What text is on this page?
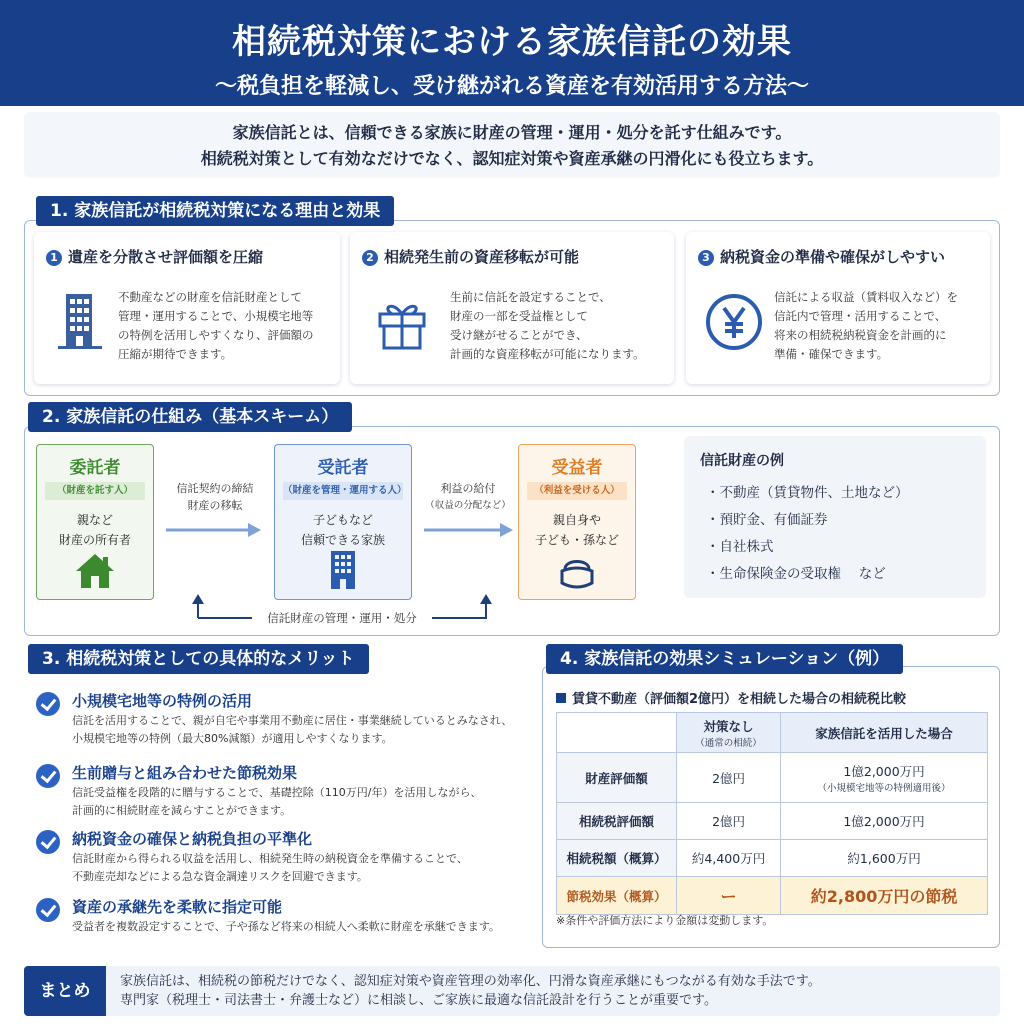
相続税対策における家族信託の効果
〜税負担を軽減し、受け継がれる資産を有効活用する方法〜
家族信託とは、信頼できる家族に財産の管理・運用・処分を託す仕組みです。
相続税対策として有効なだけでなく、認知症対策や資産承継の円滑化にも役立ちます。
1. 家族信託が相続税対策になる理由と効果
1 遺産を分散させ評価額を圧縮
不動産などの財産を信託財産として
管理・運用することで、小規模宅地等
の特例を活用しやすくなり、評価額の
圧縮が期待できます。
2 相続発生前の資産移転が可能
生前に信託を設定することで、
財産の一部を受益権として
受け継がせることができ、
計画的な資産移転が可能になります。
3 納税資金の準備や確保がしやすい
信託による収益（賃料収入など）を
信託内で管理・活用することで、
将来の相続税納税資金を計画的に
準備・確保できます。
2. 家族信託の仕組み（基本スキーム）
委託者
（財産を託す人）
親など
財産の所有者
信託契約の締結
財産の移転
受託者
（財産を管理・運用する人）
子どもなど
信頼できる家族
利益の給付
（収益の分配など）
受益者
（利益を受ける人）
親自身や
子ども・孫など
信託財産の管理・運用・処分
信託財産の例
・ 不動産（賃貸物件、土地など）
・ 預貯金、有価証券
・ 自社株式
・ 生命保険金の受取権　 など
3. 相続税対策としての具体的なメリット
小規模宅地等の特例の活用
信託を活用することで、親が自宅や事業用不動産に居住・事業継続しているとみなされ、
小規模宅地等の特例（最大80%減額）が適用しやすくなります。
生前贈与と組み合わせた節税効果
信託受益権を段階的に贈与することで、基礎控除（110万円/年）を活用しながら、
計画的に相続財産を減らすことができます。
納税資金の確保と納税負担の平準化
信託財産から得られる収益を活用し、相続発生時の納税資金を準備することで、
不動産売却などによる急な資金調達リスクを回避できます。
資産の承継先を柔軟に指定可能
受益者を複数設定することで、子や孫など将来の相続人へ柔軟に財産を承継できます。
4. 家族信託の効果シミュレーション（例）
賃貸不動産（評価額2億円）を相続した場合の相続税比較
	対策なし
（通常の相続）	家族信託を活用した場合
財産評価額	2億円	1億2,000万円
（小規模宅地等の特例適用後）

相続税評価額	2億円	1億2,000万円
相続税額（概算）	約4,400万円	約1,600万円
節税効果（概算）	ー	約2,800万円の節税
※条件や評価方法により金額は変動します。
まとめ	家族信託は、相続税の節税だけでなく、認知症対策や資産管理の効率化、円滑な資産承継にもつながる有効な手法です。
専門家（税理士・司法書士・弁護士など）に相談し、ご家族に最適な信託設計を行うことが重要です。
